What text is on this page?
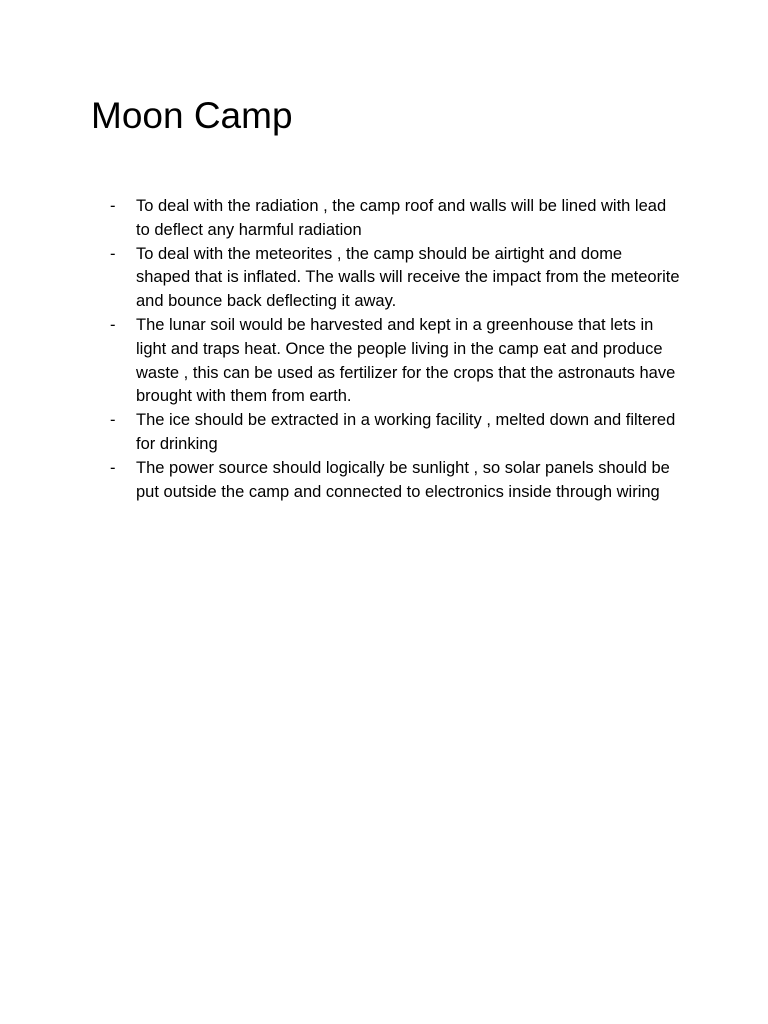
Moon Camp
-	To deal with the radiation , the camp roof and walls will be lined with lead to deflect any harmful radiation
-	To deal with the meteorites , the camp should be airtight and dome shaped that is inflated. The walls will receive the impact from the meteorite and bounce back deflecting it away.
-	The lunar soil would be harvested and kept in a greenhouse that lets in light and traps heat. Once the people living in the camp eat and produce waste , this can be used as fertilizer for the crops that the astronauts have brought with them from earth.
-	The ice should be extracted in a working facility , melted down and filtered for drinking
-	The power source should logically be sunlight , so solar panels should be put outside the camp and connected to electronics inside through wiring
